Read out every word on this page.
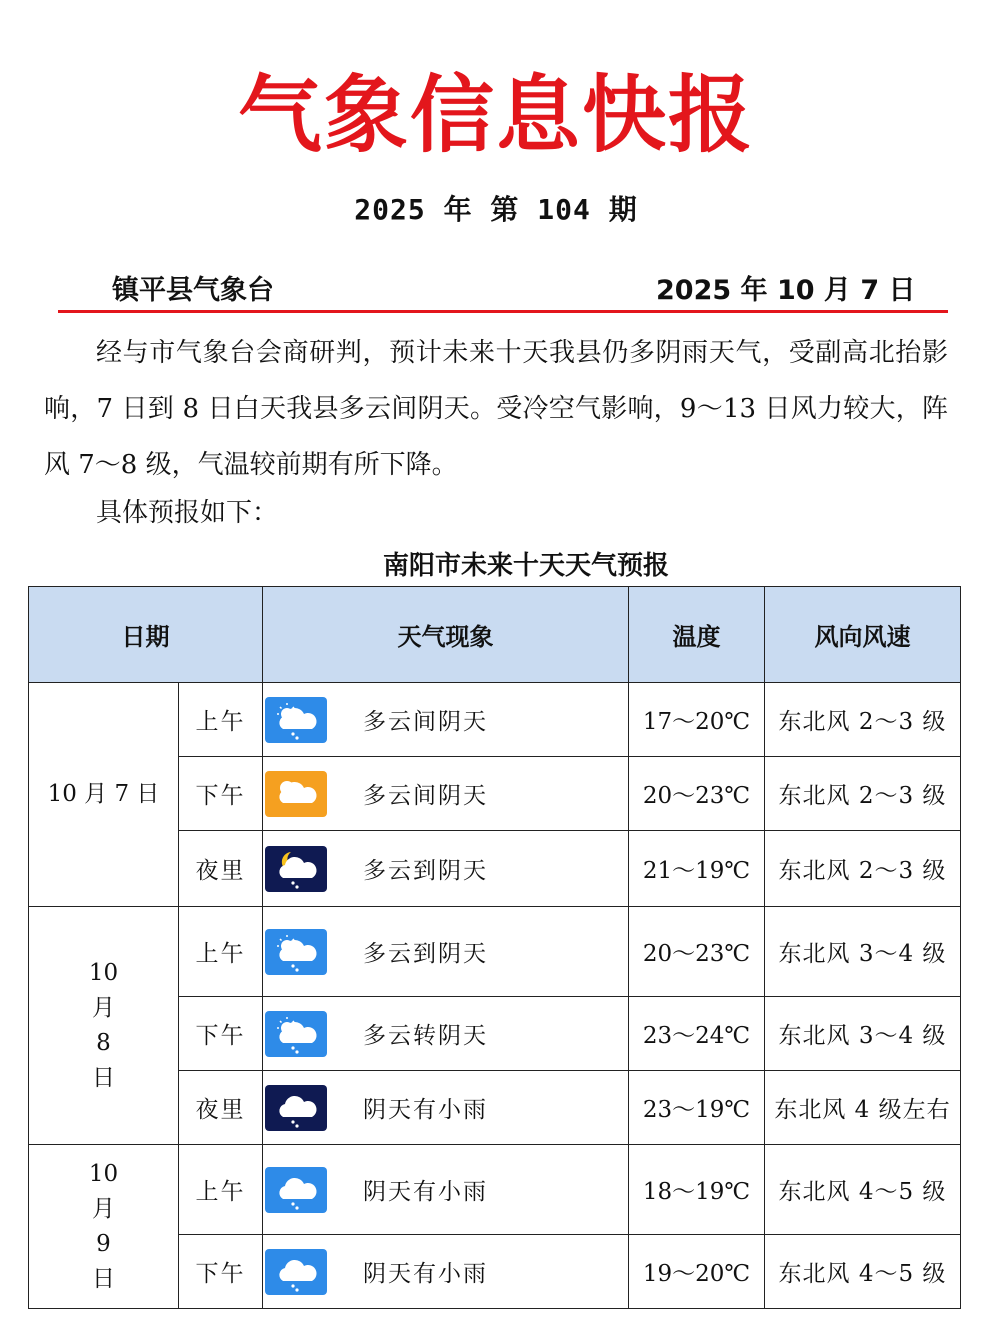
气象信息快报
2025 年 第 104 期
镇平县气象台	2025 年 10 月 7 日

经与市气象台会商研判，预计未来十天我县仍多阴雨天气，受副高北抬影响，7 日到 8 日白天我县多云间阴天。受冷空气影响，9～13 日风力较大，阵风 7～8 级，气温较前期有所下降。

具体预报如下：

南阳市未来十天天气预报
日期		天气现象	温度	风向风速
10 月 7 日	上午	多云间阴天	17～20℃	东北风 2～3 级
	下午	多云间阴天	20～23℃	东北风 2～3 级
	夜里	多云到阴天	21～19℃	东北风 2～3 级
10 月 8 日	上午	多云到阴天	20～23℃	东北风 3～4 级
	下午	多云转阴天	23～24℃	东北风 3～4 级
	夜里	阴天有小雨	23～19℃	东北风 4 级左右
10 月 9 日	上午	阴天有小雨	18～19℃	东北风 4～5 级
	下午	阴天有小雨	19～20℃	东北风 4～5 级
